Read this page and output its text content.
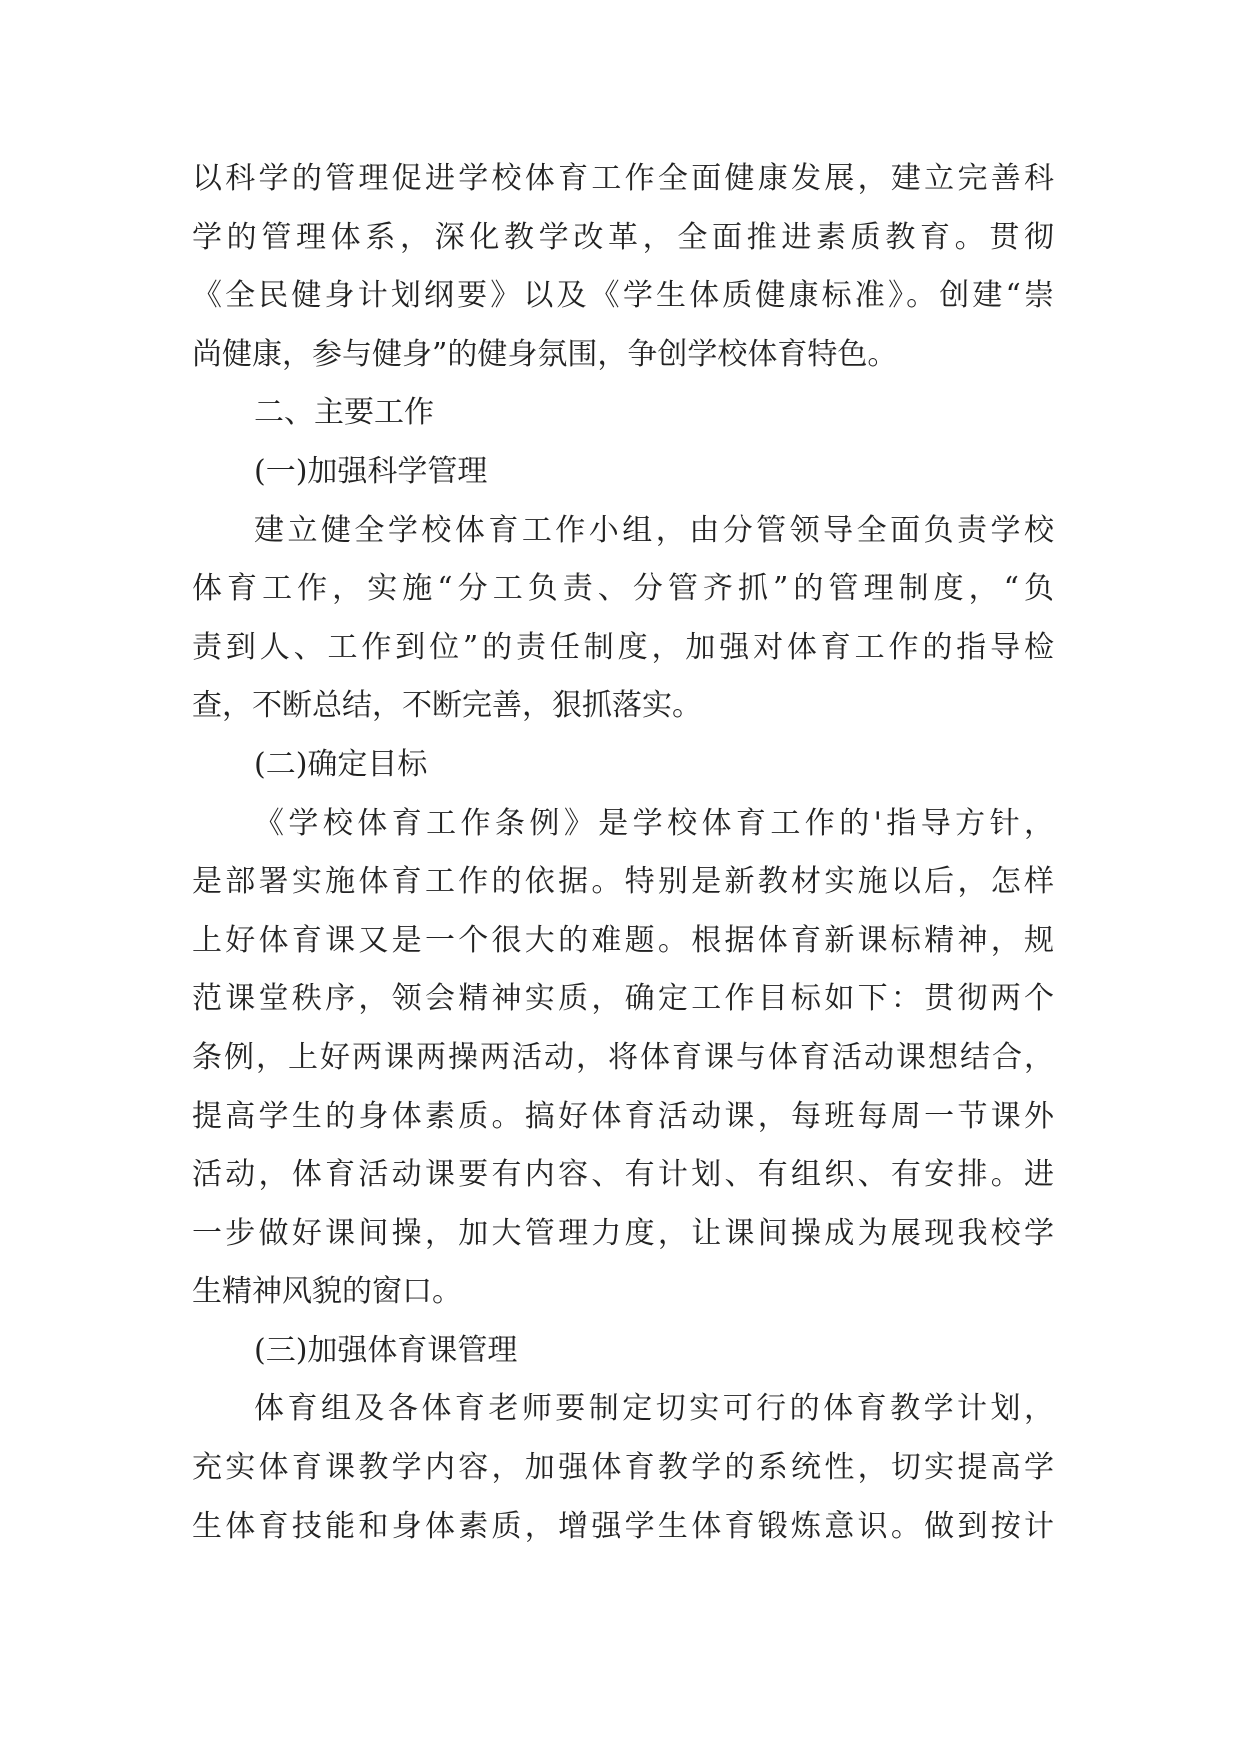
以科学的管理促进学校体育工作全面健康发展，建立完善科
学的管理体系，深化教学改革，全面推进素质教育。贯彻
《全民健身计划纲要》以及《学生体质健康标准》。创建“崇
尚健康，参与健身”的健身氛围，争创学校体育特色。
二、主要工作
(一)加强科学管理
建立健全学校体育工作小组，由分管领导全面负责学校
体育工作，实施“分工负责、分管齐抓”的管理制度，“负
责到人、工作到位”的责任制度，加强对体育工作的指导检
查，不断总结，不断完善，狠抓落实。
(二)确定目标
《学校体育工作条例》是学校体育工作的'指导方针，
是部署实施体育工作的依据。特别是新教材实施以后，怎样
上好体育课又是一个很大的难题。根据体育新课标精神，规
范课堂秩序，领会精神实质，确定工作目标如下：贯彻两个
条例，上好两课两操两活动，将体育课与体育活动课想结合，
提高学生的身体素质。搞好体育活动课，每班每周一节课外
活动，体育活动课要有内容、有计划、有组织、有安排。进
一步做好课间操，加大管理力度，让课间操成为展现我校学
生精神风貌的窗口。
(三)加强体育课管理
体育组及各体育老师要制定切实可行的体育教学计划，
充实体育课教学内容，加强体育教学的系统性，切实提高学
生体育技能和身体素质，增强学生体育锻炼意识。做到按计
